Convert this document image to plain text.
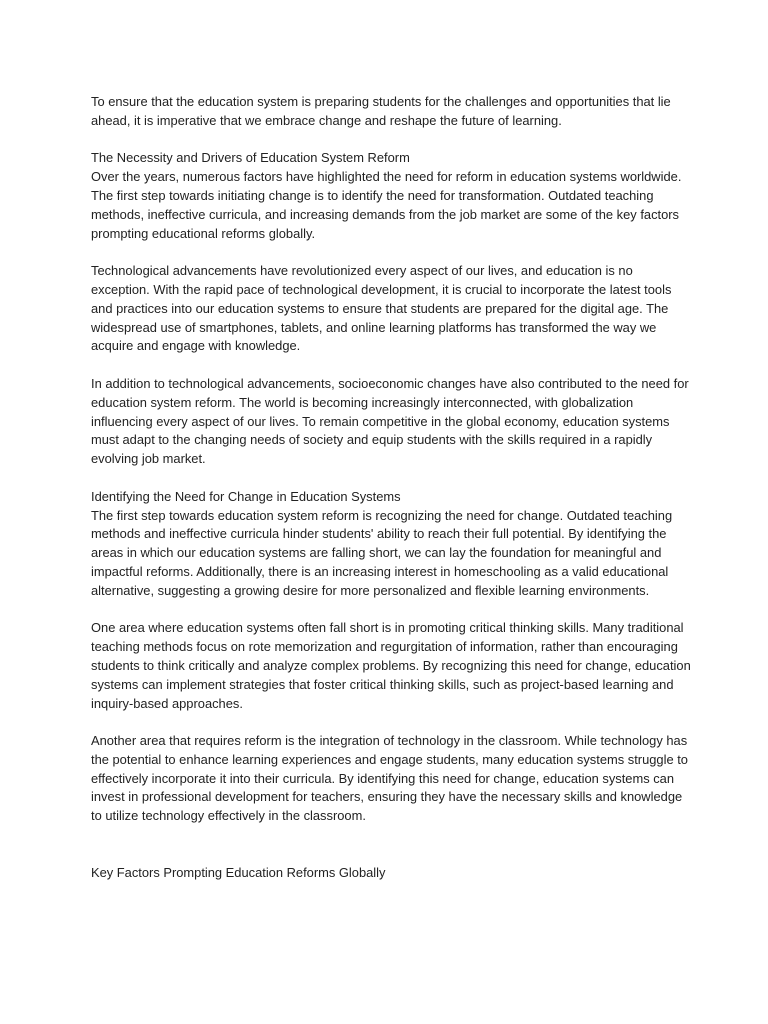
To ensure that the education system is preparing students for the challenges and opportunities that lie ahead, it is imperative that we embrace change and reshape the future of learning.

The Necessity and Drivers of Education System Reform
Over the years, numerous factors have highlighted the need for reform in education systems worldwide. The first step towards initiating change is to identify the need for transformation. Outdated teaching methods, ineffective curricula, and increasing demands from the job market are some of the key factors prompting educational reforms globally.

Technological advancements have revolutionized every aspect of our lives, and education is no exception. With the rapid pace of technological development, it is crucial to incorporate the latest tools and practices into our education systems to ensure that students are prepared for the digital age. The widespread use of smartphones, tablets, and online learning platforms has transformed the way we acquire and engage with knowledge.

In addition to technological advancements, socioeconomic changes have also contributed to the need for education system reform. The world is becoming increasingly interconnected, with globalization influencing every aspect of our lives. To remain competitive in the global economy, education systems must adapt to the changing needs of society and equip students with the skills required in a rapidly evolving job market.

Identifying the Need for Change in Education Systems
The first step towards education system reform is recognizing the need for change. Outdated teaching methods and ineffective curricula hinder students' ability to reach their full potential. By identifying the areas in which our education systems are falling short, we can lay the foundation for meaningful and impactful reforms. Additionally, there is an increasing interest in homeschooling as a valid educational alternative, suggesting a growing desire for more personalized and flexible learning environments.

One area where education systems often fall short is in promoting critical thinking skills. Many traditional teaching methods focus on rote memorization and regurgitation of information, rather than encouraging students to think critically and analyze complex problems. By recognizing this need for change, education systems can implement strategies that foster critical thinking skills, such as project-based learning and inquiry-based approaches.

Another area that requires reform is the integration of technology in the classroom. While technology has the potential to enhance learning experiences and engage students, many education systems struggle to effectively incorporate it into their curricula. By identifying this need for change, education systems can invest in professional development for teachers, ensuring they have the necessary skills and knowledge to utilize technology effectively in the classroom.

Key Factors Prompting Education Reforms Globally
